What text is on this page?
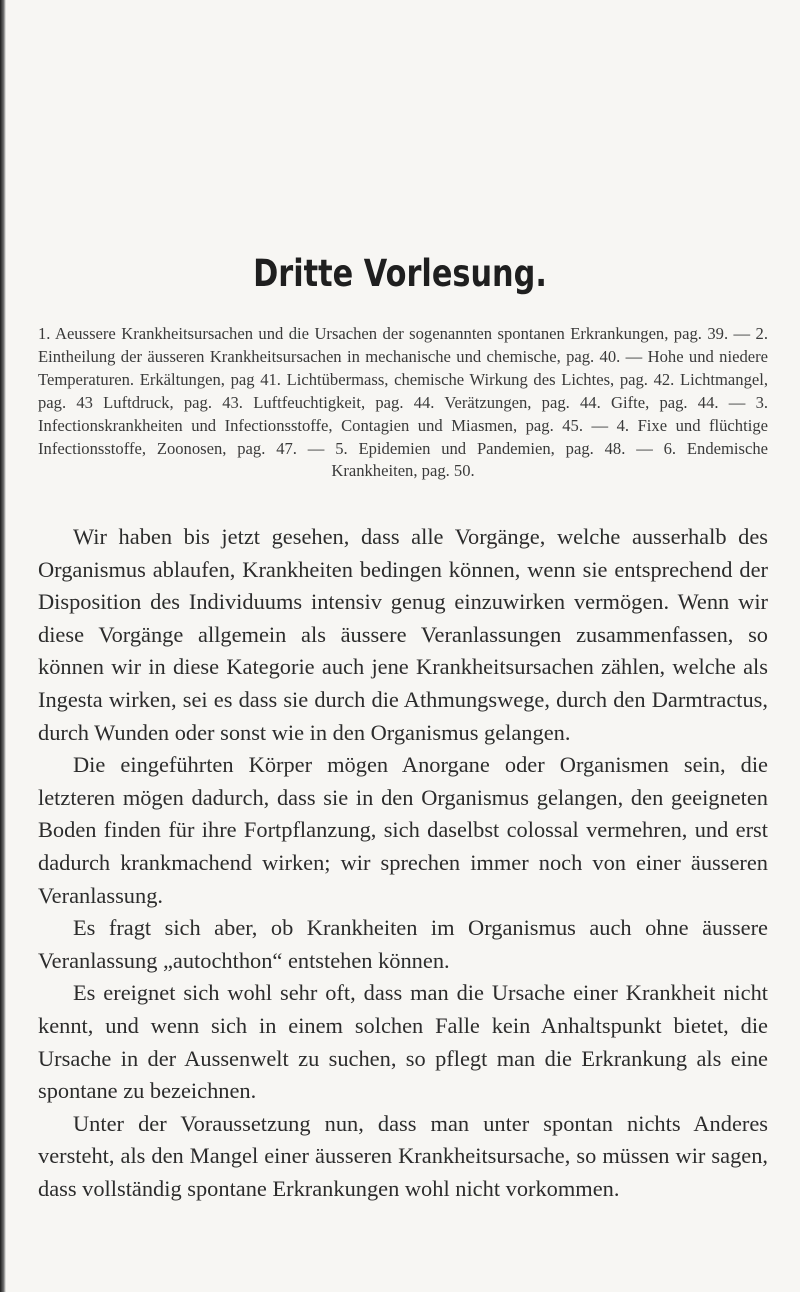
Dritte Vorlesung.

1. Aeussere Krankheitsursachen und die Ursachen der sogenannten spontanen Erkrankungen, pag. 39. — 2. Eintheilung der äusseren Krankheitsursachen in mechanische und chemische, pag. 40. — Hohe und niedere Temperaturen. Erkältungen, pag 41. Lichtübermass, chemische Wirkung des Lichtes, pag. 42. Lichtmangel, pag. 43 Luftdruck, pag. 43. Luftfeuchtigkeit, pag. 44. Verätzungen, pag. 44. Gifte, pag. 44. — 3. Infectionskrankheiten und Infectionsstoffe, Contagien und Miasmen, pag. 45. — 4. Fixe und flüchtige Infectionsstoffe, Zoonosen, pag. 47. — 5. Epidemien und Pandemien, pag. 48. — 6. Endemische Krankheiten, pag. 50.

Wir haben bis jetzt gesehen, dass alle Vorgänge, welche ausserhalb des Organismus ablaufen, Krankheiten bedingen können, wenn sie entsprechend der Disposition des Individuums intensiv genug einzuwirken vermögen. Wenn wir diese Vorgänge allgemein als äussere Veranlassungen zusammenfassen, so können wir in diese Kategorie auch jene Krankheitsursachen zählen, welche als Ingesta wirken, sei es dass sie durch die Athmungswege, durch den Darmtractus, durch Wunden oder sonst wie in den Organismus gelangen.

Die eingeführten Körper mögen Anorgane oder Organismen sein, die letzteren mögen dadurch, dass sie in den Organismus gelangen, den geeigneten Boden finden für ihre Fortpflanzung, sich daselbst colossal vermehren, und erst dadurch krankmachend wirken; wir sprechen immer noch von einer äusseren Veranlassung.

Es fragt sich aber, ob Krankheiten im Organismus auch ohne äussere Veranlassung „autochthon“ entstehen können.

Es ereignet sich wohl sehr oft, dass man die Ursache einer Krankheit nicht kennt, und wenn sich in einem solchen Falle kein Anhaltspunkt bietet, die Ursache in der Aussenwelt zu suchen, so pflegt man die Erkrankung als eine spontane zu bezeichnen.

Unter der Voraussetzung nun, dass man unter spontan nichts Anderes versteht, als den Mangel einer äusseren Krankheitsursache, so müssen wir sagen, dass vollständig spontane Erkrankungen wohl nicht vorkommen.
